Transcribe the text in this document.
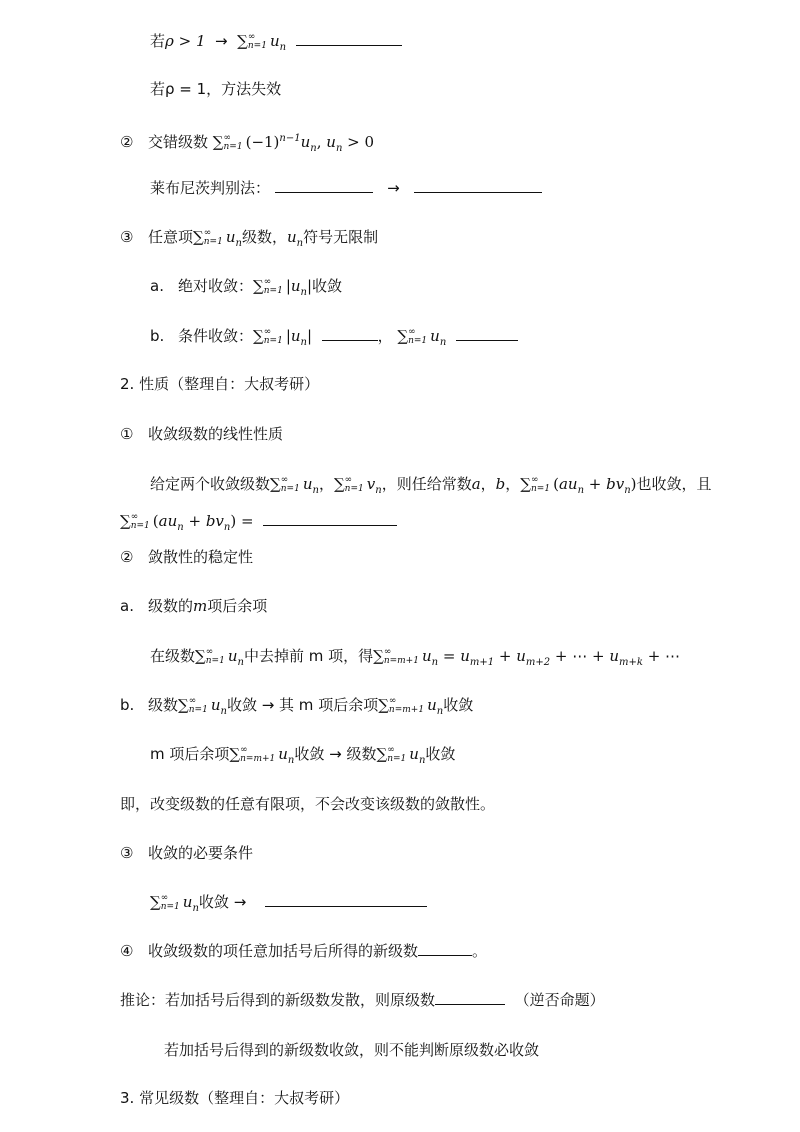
若ρ > 1 → ∑ ∞
n=1 $u_n$
若ρ = 1，方法失效
② 交错级数 ∑ ∞
n=1 $(-1)^{n-1}u_n$, $u_n > 0$
莱布尼茨判别法：	→
③ 任意项∑ ∞
n=1 $u_n$级数，$u_n$符号无限制
a. 绝对收敛：∑ ∞
n=1 $|u_n|$收敛
b. 条件收敛：∑ ∞
n=1 $|u_n|$	， ∑ ∞
n=1 $u_n$
2. 性质（整理自：大叔考研）
① 收敛级数的线性性质
给定两个收敛级数∑ ∞
n=1 $u_n$，∑ ∞
n=1 $v_n$，则任给常数a，b，∑ ∞
n=1 $(au_n + bv_n)$也收敛，且
∑ ∞
n=1 $(au_n + bv_n)$ =
② 敛散性的稳定性
a. 级数的m项后余项
在级数∑ ∞
n=1 $u_n$中去掉前 m 项，得∑ ∞
n=m+1 $u_n = u_{m+1} + u_{m+2}$ + ⋯ + $u_{m+k}$ + ⋯
b. 级数∑ ∞
n=1 $u_n$收敛 → 其 m 项后余项∑ ∞
n=m+1 $u_n$收敛
m 项后余项∑ ∞
n=m+1 $u_n$收敛 → 级数∑ ∞
n=1 $u_n$收敛
即，改变级数的任意有限项，不会改变该级数的敛散性。
③ 收敛的必要条件
∑ ∞
n=1 $u_n$收敛 →
④ 收敛级数的项任意加括号后所得的新级数	。
推论：若加括号后得到的新级数发散，则原级数	（逆否命题）
若加括号后得到的新级数收敛，则不能判断原级数必收敛
3. 常见级数（整理自：大叔考研）
